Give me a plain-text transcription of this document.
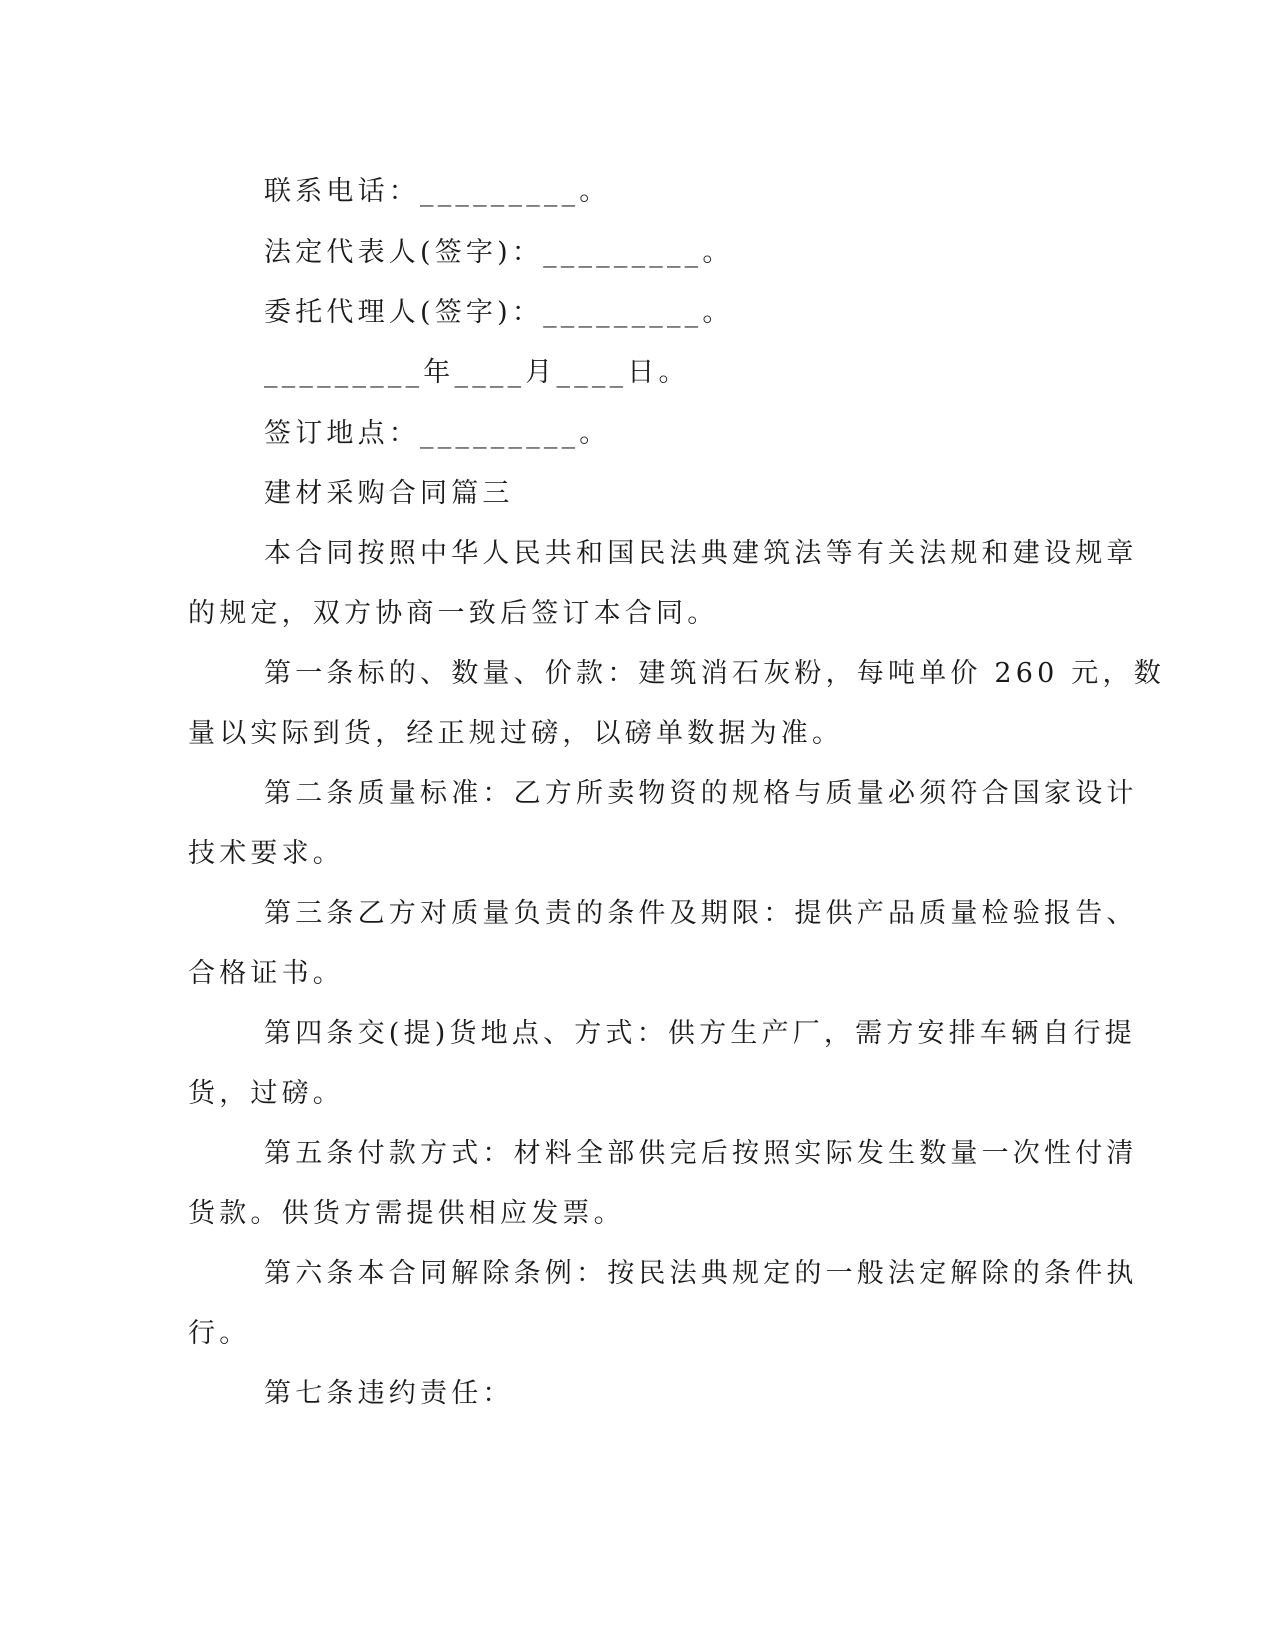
联系电话：_________。
法定代表人(签字)：_________。
委托代理人(签字)：_________。
_________年____月____日。
签订地点：_________。
建材采购合同篇三
本合同按照中华人民共和国民法典建筑法等有关法规和建设规章
的规定，双方协商一致后签订本合同。
第一条标的、数量、价款：建筑消石灰粉，每吨单价 260 元，数
量以实际到货，经正规过磅，以磅单数据为准。
第二条质量标准：乙方所卖物资的规格与质量必须符合国家设计
技术要求。
第三条乙方对质量负责的条件及期限：提供产品质量检验报告、
合格证书。
第四条交(提)货地点、方式：供方生产厂，需方安排车辆自行提
货，过磅。
第五条付款方式：材料全部供完后按照实际发生数量一次性付清
货款。供货方需提供相应发票。
第六条本合同解除条例：按民法典规定的一般法定解除的条件执
行。
第七条违约责任：
